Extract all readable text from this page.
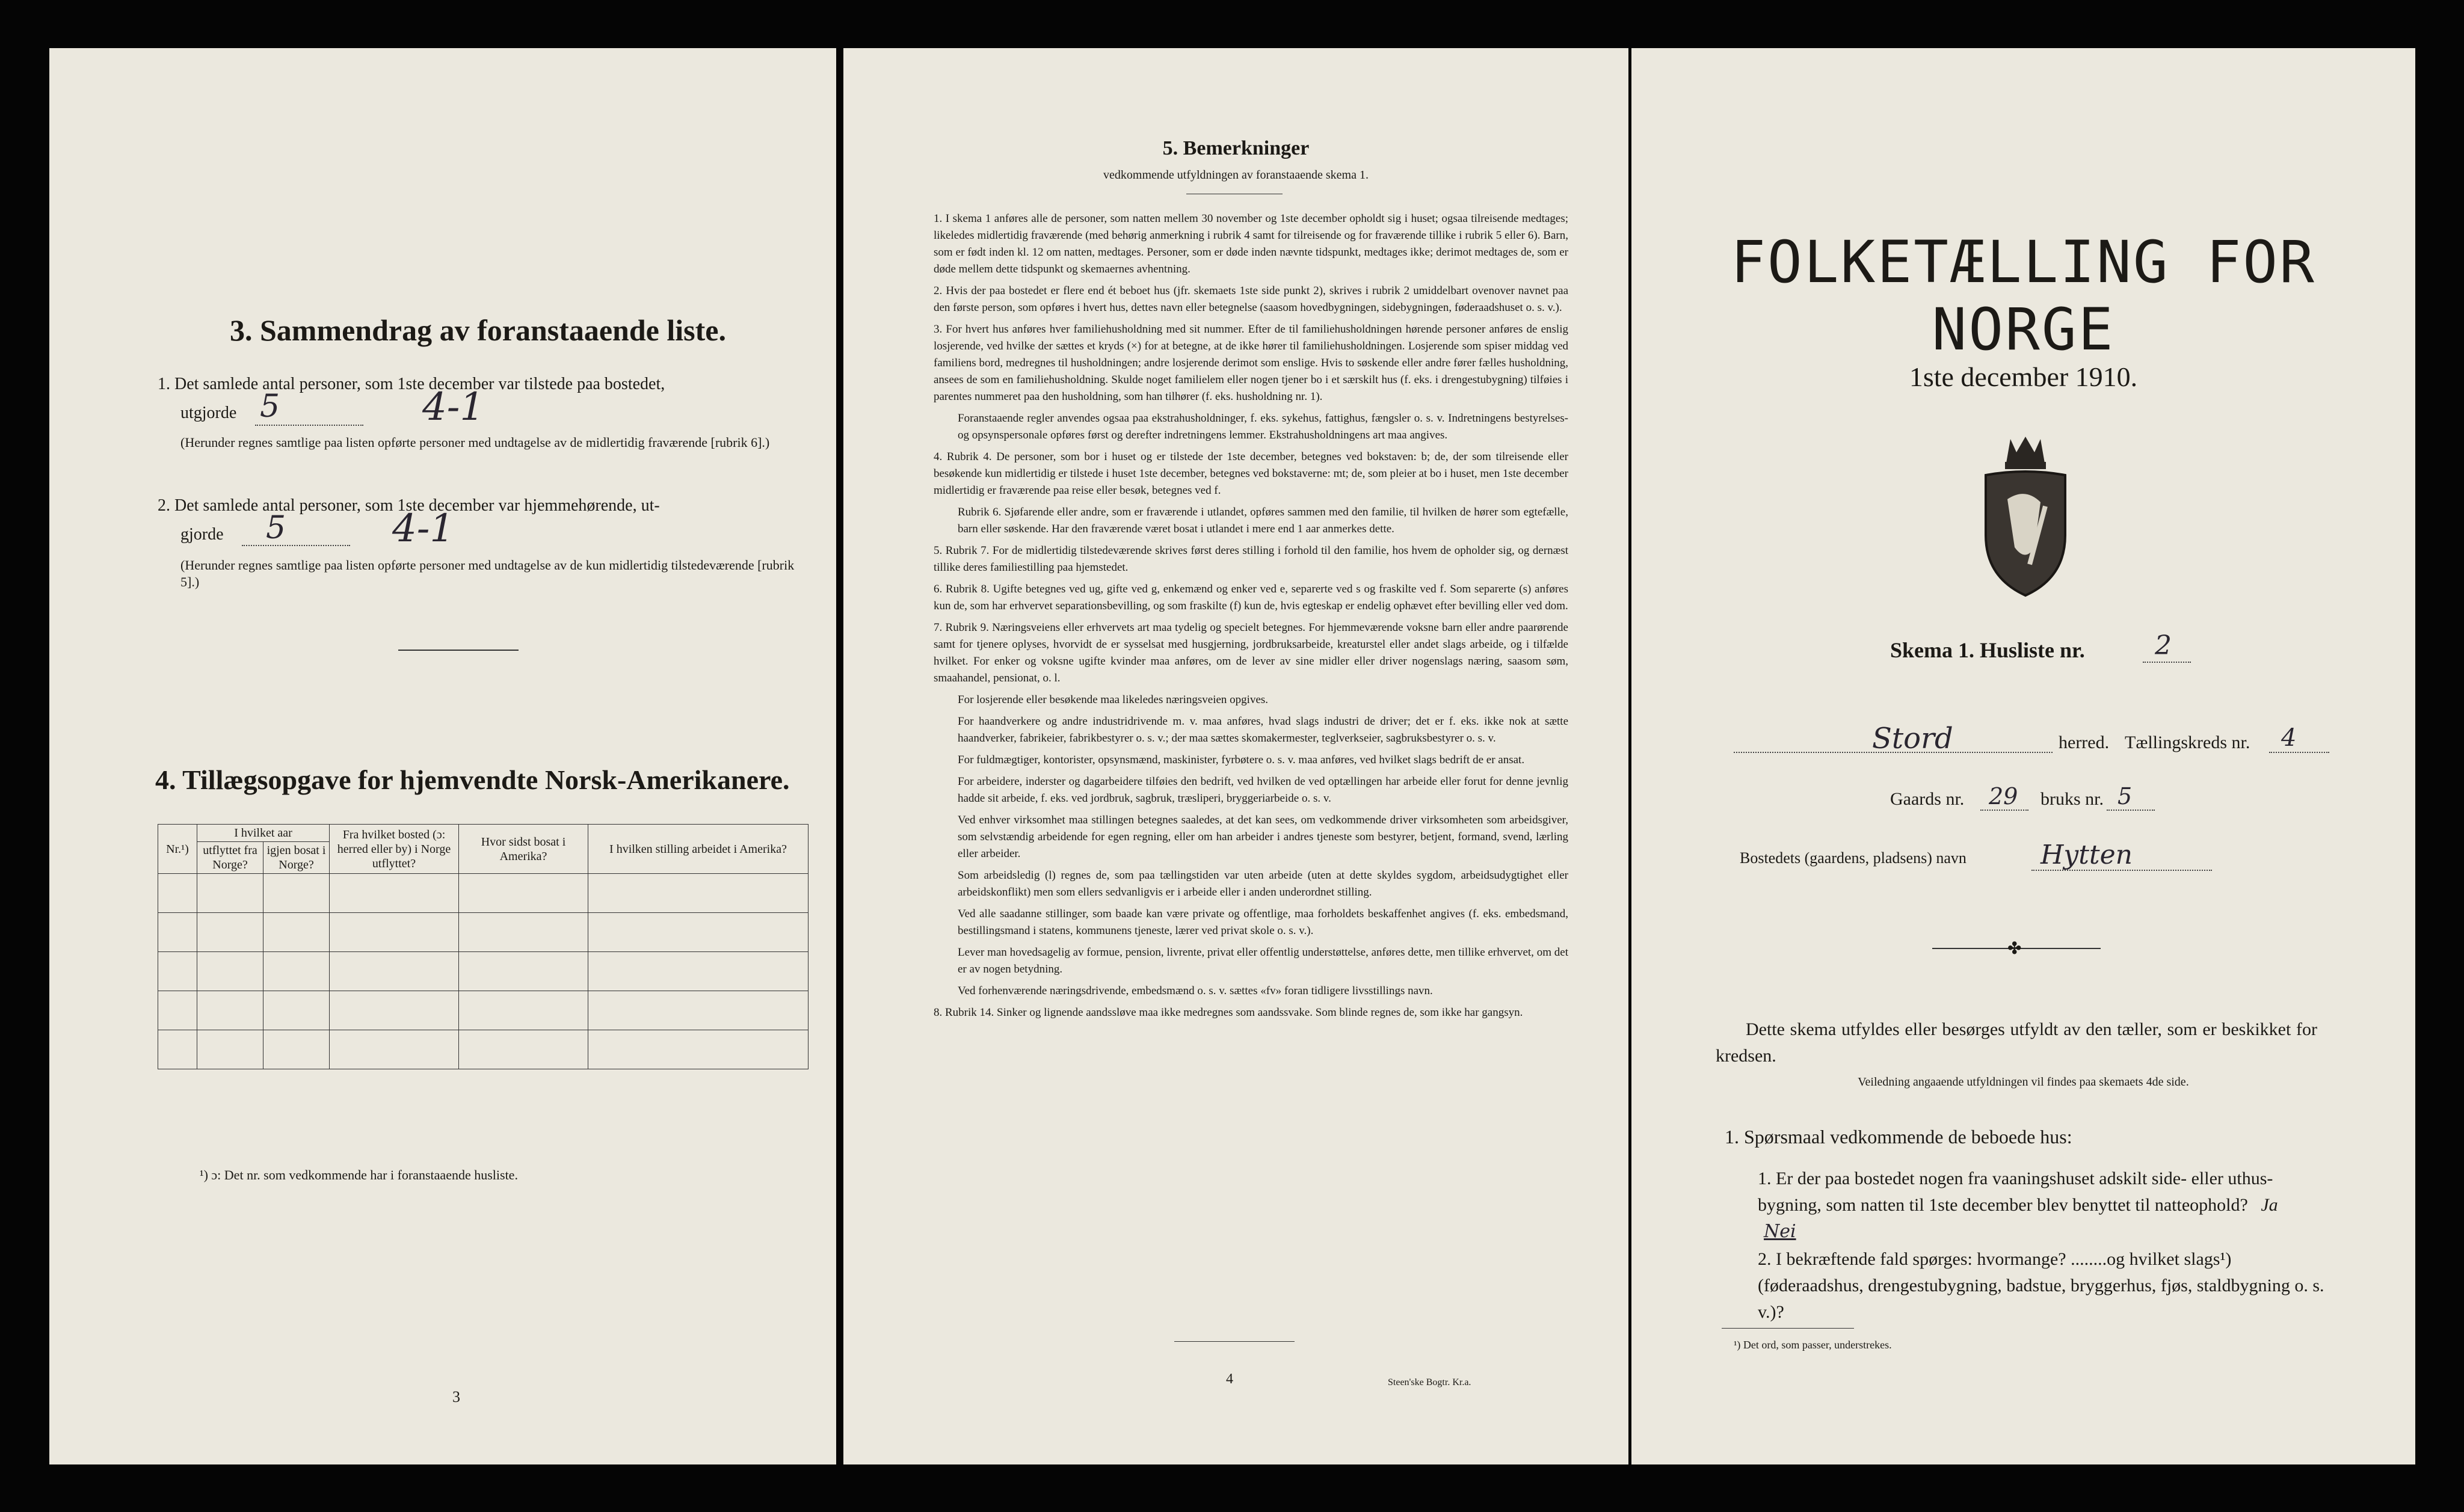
3. Sammendrag av foranstaaende liste.
1. Det samlede antal personer, som 1ste december var tilstede paa bostedet,
utgjorde 5	4-1
(Herunder regnes samtlige paa listen opførte personer med undtagelse av de midlertidig fraværende [rubrik 6].)
2. Det samlede antal personer, som 1ste december var hjemmehørende, ut-
gjorde 5	4-1
(Herunder regnes samtlige paa listen opførte personer med undtagelse av de kun midlertidig tilstedeværende [rubrik 5].)
4. Tillægsopgave for hjemvendte Norsk-Amerikanere.
Nr.¹)	I hvilket aar		Fra hvilket bosted (ɔ: herred eller by) i Norge utflyttet?	Hvor sidst bosat i Amerika?	I hvilken stilling arbeidet i Amerika?
	utflyttet fra Norge?	igjen bosat i Norge?			

¹) ɔ: Det nr. som vedkommende har i foranstaaende husliste.
3
5. Bemerkninger
vedkommende utfyldningen av foranstaaende skema 1.

1. I skema 1 anføres alle de personer, som natten mellem 30 november og 1ste december opholdt sig i huset; ogsaa tilreisende medtages; likeledes midlertidig fraværende (med behørig anmerkning i rubrik 4 samt for tilreisende og for fraværende tillike i rubrik 5 eller 6). Barn, som er født inden kl. 12 om natten, medtages. Personer, som er døde inden nævnte tidspunkt, medtages ikke; derimot medtages de, som er døde mellem dette tidspunkt og skemaernes avhentning.

2. Hvis der paa bostedet er flere end ét beboet hus (jfr. skemaets 1ste side punkt 2), skrives i rubrik 2 umiddelbart ovenover navnet paa den første person, som opføres i hvert hus, dettes navn eller betegnelse (saasom hovedbygningen, sidebygningen, føderaadshuset o. s. v.).

3. For hvert hus anføres hver familiehusholdning med sit nummer. Efter de til familiehusholdningen hørende personer anføres de enslig losjerende, ved hvilke der sættes et kryds (×) for at betegne, at de ikke hører til familiehusholdningen. Losjerende som spiser middag ved familiens bord, medregnes til husholdningen; andre losjerende derimot som enslige. Hvis to søskende eller andre fører fælles husholdning, ansees de som en familiehusholdning. Skulde noget familielem eller nogen tjener bo i et særskilt hus (f. eks. i drengestubygning) tilføies i parentes nummeret paa den husholdning, som han tilhører (f. eks. husholdning nr. 1).

Foranstaaende regler anvendes ogsaa paa ekstrahusholdninger, f. eks. sykehus, fattighus, fængsler o. s. v. Indretningens bestyrelses- og opsynspersonale opføres først og derefter indretningens lemmer. Ekstrahusholdningens art maa angives.

4. Rubrik 4. De personer, som bor i huset og er tilstede der 1ste december, betegnes ved bokstaven: b; de, der som tilreisende eller besøkende kun midlertidig er tilstede i huset 1ste december, betegnes ved bokstaverne: mt; de, som pleier at bo i huset, men 1ste december midlertidig er fraværende paa reise eller besøk, betegnes ved f.

Rubrik 6. Sjøfarende eller andre, som er fraværende i utlandet, opføres sammen med den familie, til hvilken de hører som egtefælle, barn eller søskende. Har den fraværende været bosat i utlandet i mere end 1 aar anmerkes dette.

5. Rubrik 7. For de midlertidig tilstedeværende skrives først deres stilling i forhold til den familie, hos hvem de opholder sig, og dernæst tillike deres familiestilling paa hjemstedet.

6. Rubrik 8. Ugifte betegnes ved ug, gifte ved g, enkemænd og enker ved e, separerte ved s og fraskilte ved f. Som separerte (s) anføres kun de, som har erhvervet separationsbevilling, og som fraskilte (f) kun de, hvis egteskap er endelig ophævet efter bevilling eller ved dom.

7. Rubrik 9. Næringsveiens eller erhvervets art maa tydelig og specielt betegnes. For hjemmeværende voksne barn eller andre paarørende samt for tjenere oplyses, hvorvidt de er sysselsat med husgjerning, jordbruksarbeide, kreaturstel eller andet slags arbeide, og i tilfælde hvilket. For enker og voksne ugifte kvinder maa anføres, om de lever av sine midler eller driver nogenslags næring, saasom søm, smaahandel, pensionat, o. l.

For losjerende eller besøkende maa likeledes næringsveien opgives.

For haandverkere og andre industridrivende m. v. maa anføres, hvad slags industri de driver; det er f. eks. ikke nok at sætte haandverker, fabrikeier, fabrikbestyrer o. s. v.; der maa sættes skomakermester, teglverkseier, sagbruksbestyrer o. s. v.

For fuldmægtiger, kontorister, opsynsmænd, maskinister, fyrbøtere o. s. v. maa anføres, ved hvilket slags bedrift de er ansat.

For arbeidere, inderster og dagarbeidere tilføies den bedrift, ved hvilken de ved optællingen har arbeide eller forut for denne jevnlig hadde sit arbeide, f. eks. ved jordbruk, sagbruk, træsliperi, bryggeriarbeide o. s. v.

Ved enhver virksomhet maa stillingen betegnes saaledes, at det kan sees, om vedkommende driver virksomheten som arbeidsgiver, som selvstændig arbeidende for egen regning, eller om han arbeider i andres tjeneste som bestyrer, betjent, formand, svend, lærling eller arbeider.

Som arbeidsledig (l) regnes de, som paa tællingstiden var uten arbeide (uten at dette skyldes sygdom, arbeidsudygtighet eller arbeidskonflikt) men som ellers sedvanligvis er i arbeide eller i anden underordnet stilling.

Ved alle saadanne stillinger, som baade kan være private og offentlige, maa forholdets beskaffenhet angives (f. eks. embedsmand, bestillingsmand i statens, kommunens tjeneste, lærer ved privat skole o. s. v.).

Lever man hovedsagelig av formue, pension, livrente, privat eller offentlig understøttelse, anføres dette, men tillike erhvervet, om det er av nogen betydning.

Ved forhenværende næringsdrivende, embedsmænd o. s. v. sættes «fv» foran tidligere livsstillings navn.

8. Rubrik 14. Sinker og lignende aandssløve maa ikke medregnes som aandssvake. Som blinde regnes de, som ikke har gangsyn.

4	Steen'ske Bogtr. Kr.a.
FOLKETÆLLING FOR NORGE
1ste december 1910.
Skema 1. Husliste nr.	2
Stord	herred. Tællingskreds nr. 4
Gaards nr. 29 bruks nr. 5
Bostedets (gaardens, pladsens) navn	Hytten
✤
Dette skema utfyldes eller besørges utfyldt av den tæller, som er beskikket for kredsen.
Veiledning angaaende utfyldningen vil findes paa skemaets 4de side.
1. Spørsmaal vedkommende de beboede hus:
1. Er der paa bostedet nogen fra vaaningshuset adskilt side- eller uthus-bygning, som natten til 1ste december blev benyttet til natteophold? Ja Nei
2. I bekræftende fald spørges: hvormange? ........og hvilket slags¹) (føderaadshus, drengestubygning, badstue, bryggerhus, fjøs, staldbygning o. s. v.)?
¹) Det ord, som passer, understrekes.
